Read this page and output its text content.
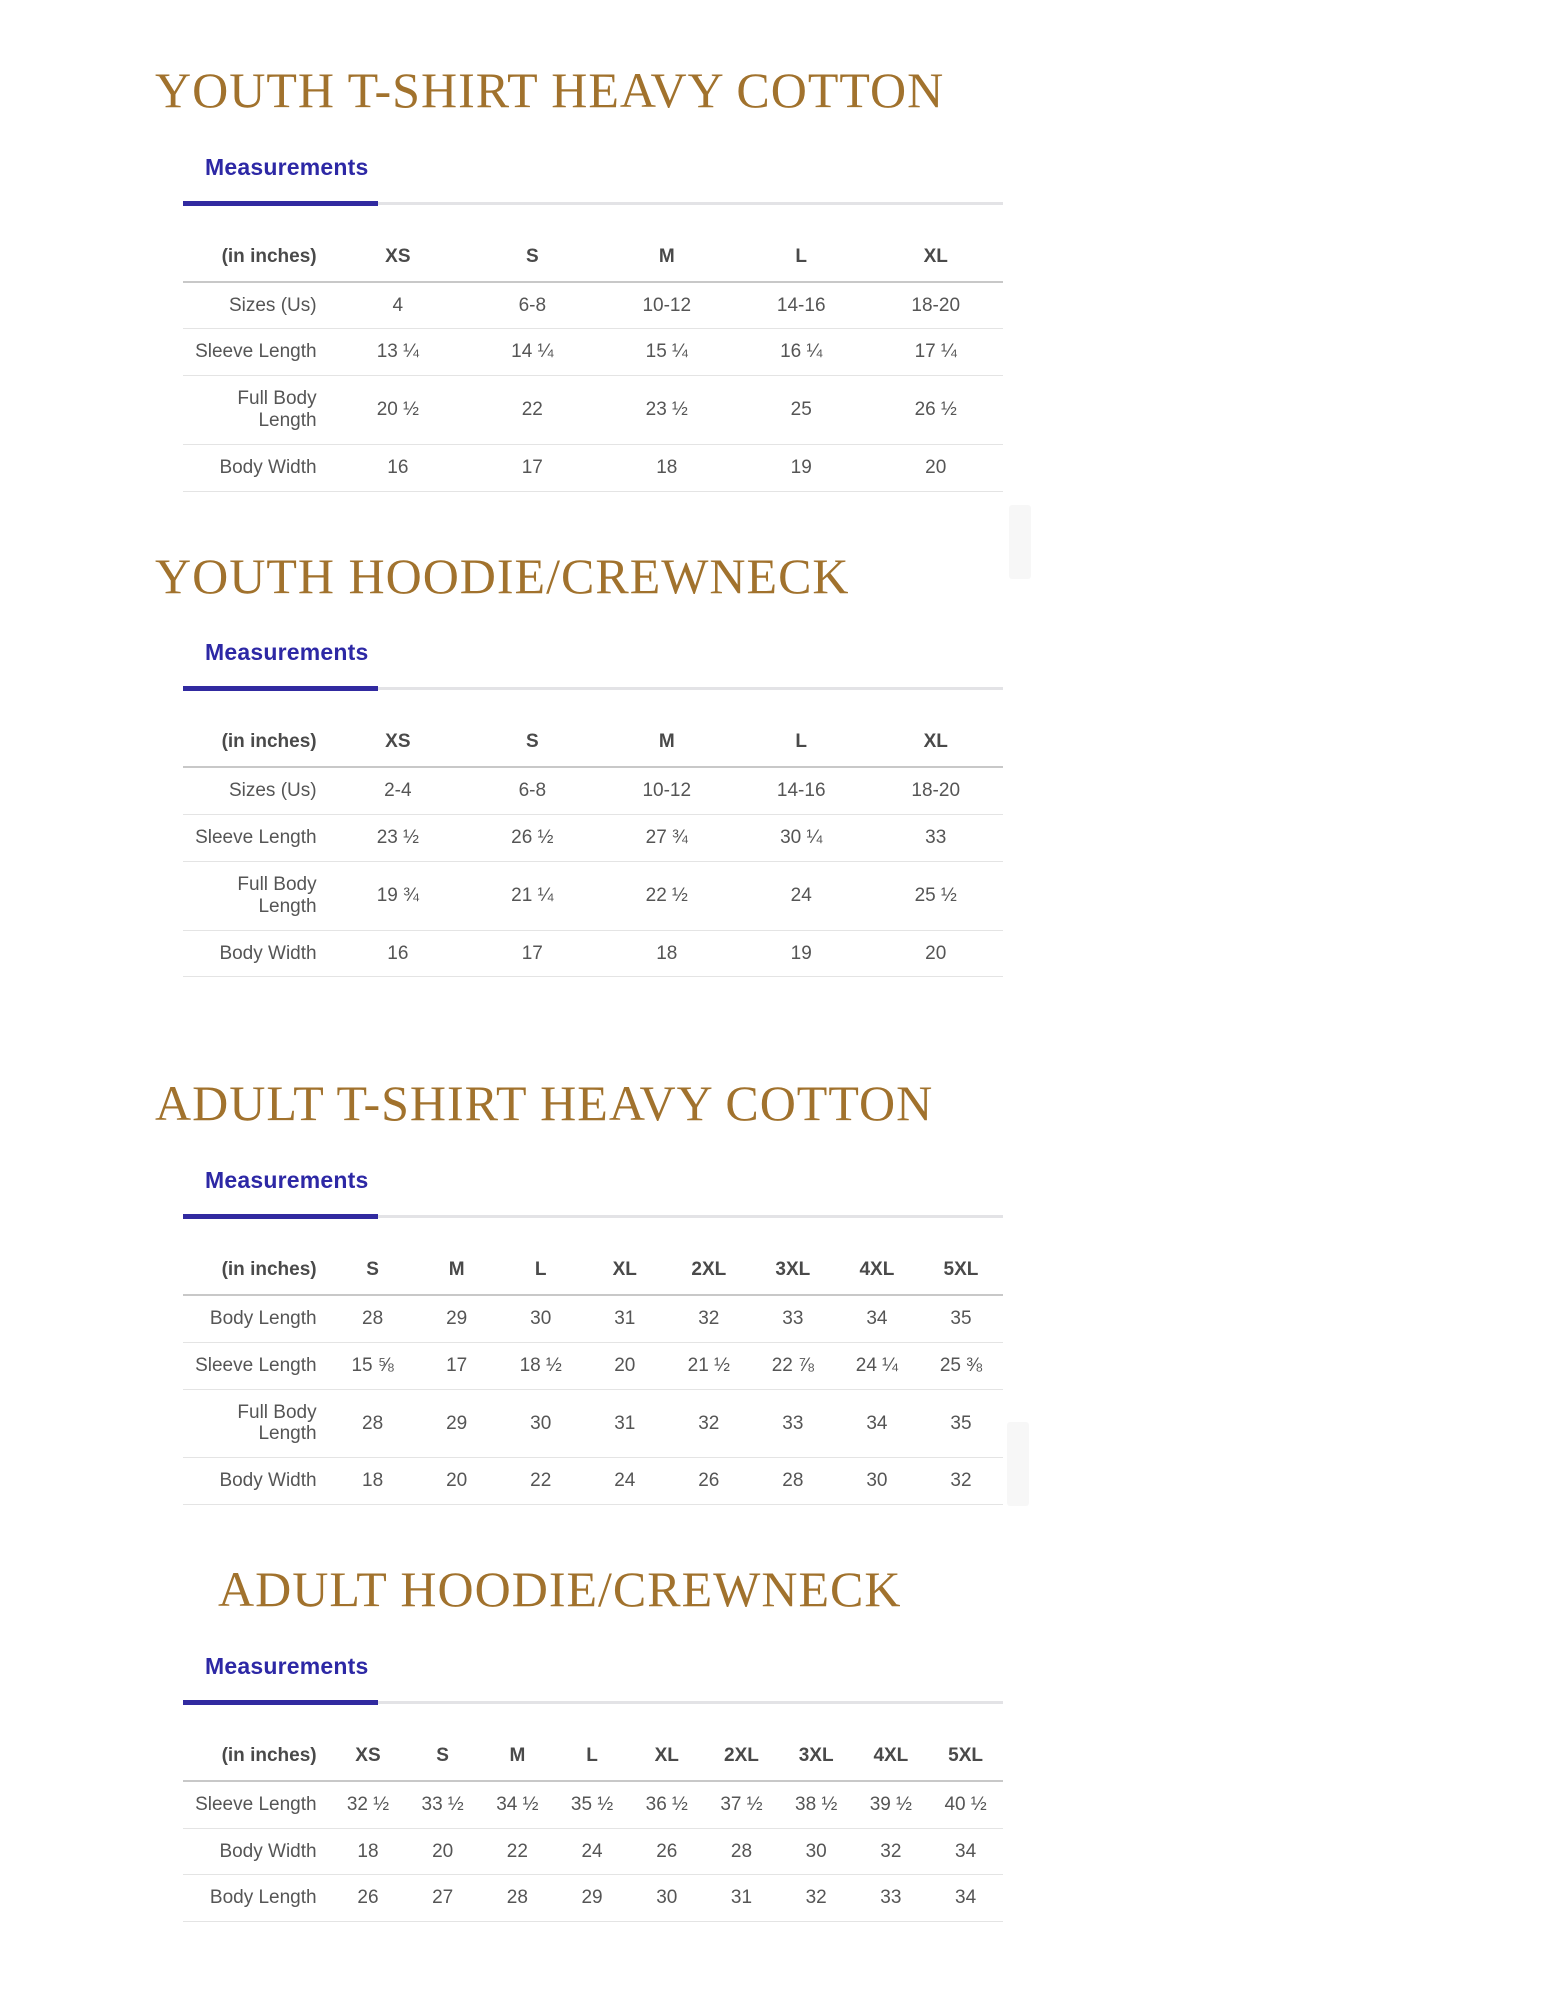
YOUTH T-SHIRT HEAVY COTTON
Measurements
(in inches)	XS	S	M	L	XL
Sizes (Us)	4	6-8	10-12	14-16	18-20
Sleeve Length	13 ¼	14 ¼	15 ¼	16 ¼	17 ¼
Full Body Length	20 ½	22	23 ½	25	26 ½
Body Width	16	17	18	19	20
YOUTH HOODIE/CREWNECK
Measurements
(in inches)	XS	S	M	L	XL
Sizes (Us)	2-4	6-8	10-12	14-16	18-20
Sleeve Length	23 ½	26 ½	27 ¾	30 ¼	33
Full Body Length	19 ¾	21 ¼	22 ½	24	25 ½
Body Width	16	17	18	19	20
ADULT T-SHIRT HEAVY COTTON
Measurements
(in inches)	S	M	L	XL	2XL	3XL	4XL	5XL
Body Length	28	29	30	31	32	33	34	35
Sleeve Length	15 ⅝	17	18 ½	20	21 ½	22 ⅞	24 ¼	25 ⅜
Full Body Length	28	29	30	31	32	33	34	35
Body Width	18	20	22	24	26	28	30	32
ADULT HOODIE/CREWNECK
Measurements
(in inches)	XS	S	M	L	XL	2XL	3XL	4XL	5XL
Sleeve Length	32 ½	33 ½	34 ½	35 ½	36 ½	37 ½	38 ½	39 ½	40 ½
Body Width	18	20	22	24	26	28	30	32	34
Body Length	26	27	28	29	30	31	32	33	34
